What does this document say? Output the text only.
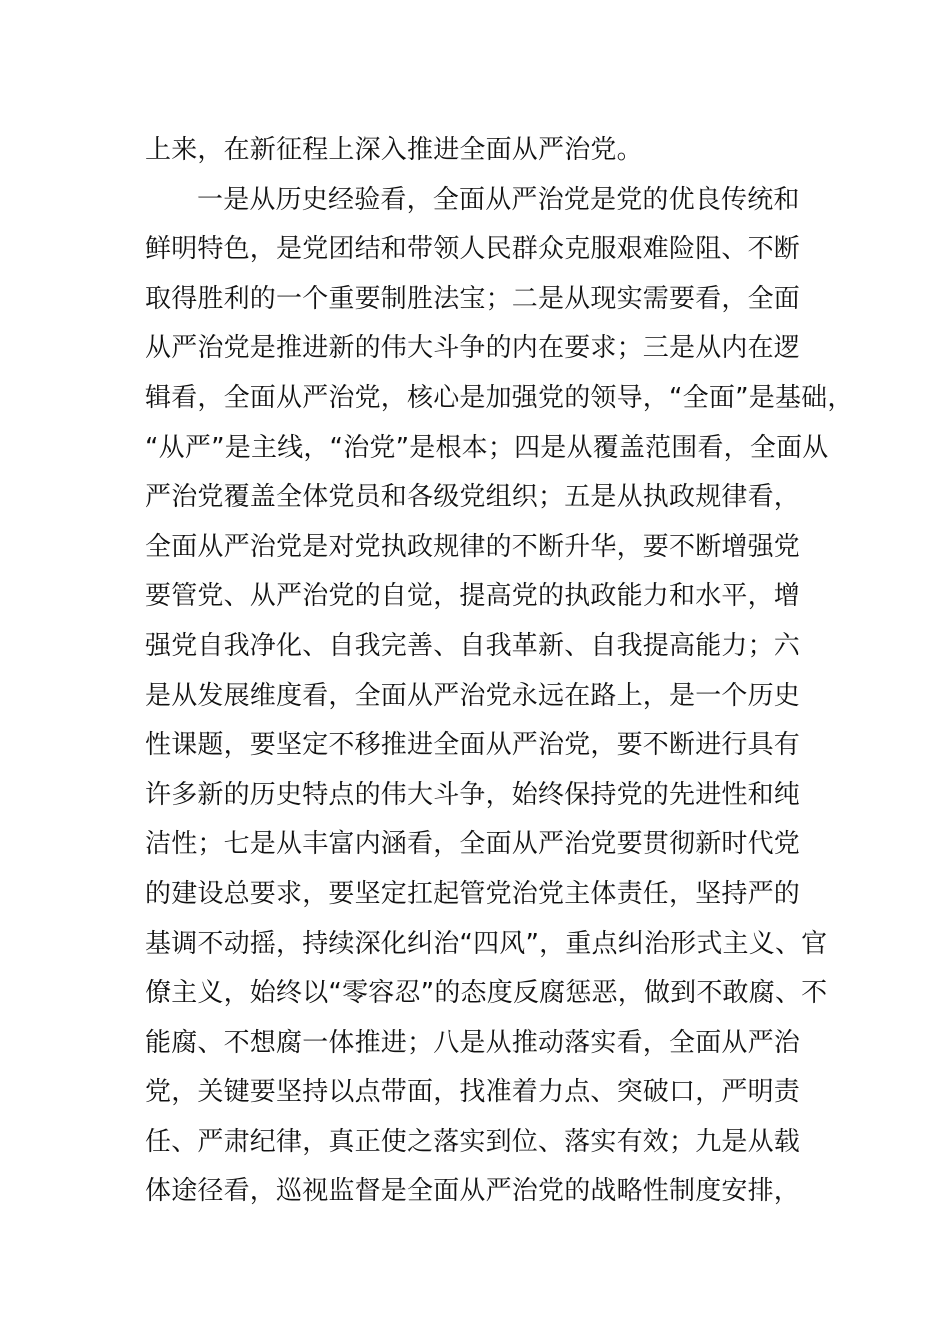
上来，在新征程上深入推进全面从严治党。
一是从历史经验看，全面从严治党是党的优良传统和
鲜明特色，是党团结和带领人民群众克服艰难险阻、不断
取得胜利的一个重要制胜法宝；二是从现实需要看，全面
从严治党是推进新的伟大斗争的内在要求；三是从内在逻
辑看，全面从严治党，核心是加强党的领导，“全面”是基础，
“从严”是主线，“治党”是根本；四是从覆盖范围看，全面从
严治党覆盖全体党员和各级党组织；五是从执政规律看，
全面从严治党是对党执政规律的不断升华，要不断增强党
要管党、从严治党的自觉，提高党的执政能力和水平，增
强党自我净化、自我完善、自我革新、自我提高能力；六
是从发展维度看，全面从严治党永远在路上，是一个历史
性课题，要坚定不移推进全面从严治党，要不断进行具有
许多新的历史特点的伟大斗争，始终保持党的先进性和纯
洁性；七是从丰富内涵看，全面从严治党要贯彻新时代党
的建设总要求，要坚定扛起管党治党主体责任，坚持严的
基调不动摇，持续深化纠治“四风”，重点纠治形式主义、官
僚主义，始终以“零容忍”的态度反腐惩恶，做到不敢腐、不
能腐、不想腐一体推进；八是从推动落实看，全面从严治
党，关键要坚持以点带面，找准着力点、突破口，严明责
任、严肃纪律，真正使之落实到位、落实有效；九是从载
体途径看，巡视监督是全面从严治党的战略性制度安排，
